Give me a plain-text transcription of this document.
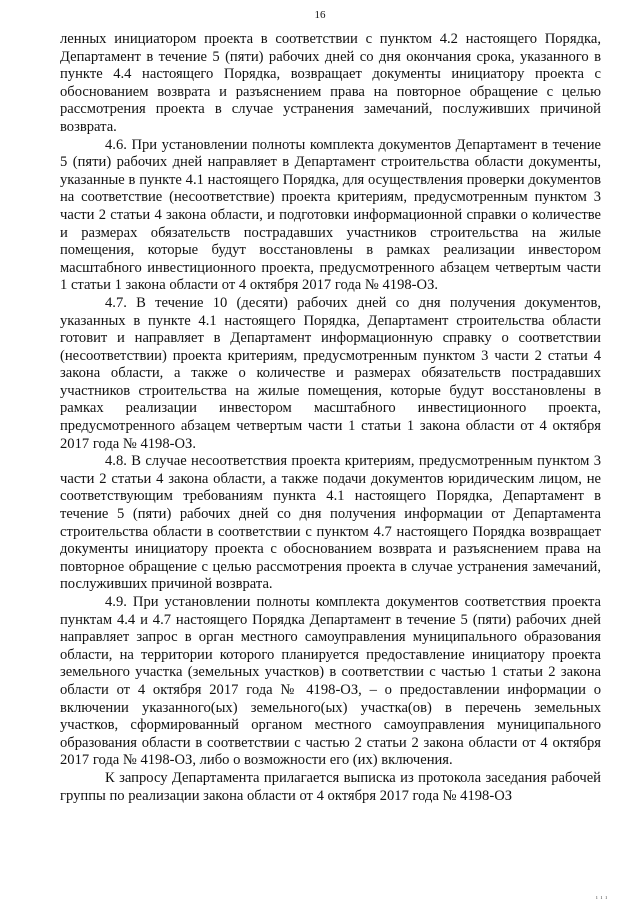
16

ленных инициатором проекта в соответствии с пунктом 4.2 настоящего Порядка, Департамент в течение 5 (пяти) рабочих дней со дня окончания срока, указанного в пункте 4.4 настоящего Порядка, возвращает документы инициатору проекта с обоснованием возврата и разъяснением права на повторное обращение с целью рассмотрения проекта в случае устранения замечаний, послуживших причиной возврата.

4.6. При установлении полноты комплекта документов Департамент в течение 5 (пяти) рабочих дней направляет в Департамент строительства области документы, указанные в пункте 4.1 настоящего Порядка, для осуществления проверки документов на соответствие (несоответствие) проекта критериям, предусмотренным пунктом 3 части 2 статьи 4 закона области, и подготовки информационной справки о количестве и размерах обязательств пострадавших участников строительства на жилые помещения, которые будут восстановлены в рамках реализации инвестором масштабного инвестиционного проекта, предусмотренного абзацем четвертым части 1 статьи 1 закона области от 4 октября 2017 года № 4198-ОЗ.

4.7. В течение 10 (десяти) рабочих дней со дня получения документов, указанных в пункте 4.1 настоящего Порядка, Департамент строительства области готовит и направляет в Департамент информационную справку о соответствии (несоответствии) проекта критериям, предусмотренным пунктом 3 части 2 статьи 4 закона области, а также о количестве и размерах обязательств пострадавших участников строительства на жилые помещения, которые будут восстановлены в рамках реализации инвестором масштабного инвестиционного проекта, предусмотренного абзацем четвертым части 1 статьи 1 закона области от 4 октября 2017 года № 4198-ОЗ.

4.8. В случае несоответствия проекта критериям, предусмотренным пунктом 3 части 2 статьи 4 закона области, а также подачи документов юридическим лицом, не соответствующим требованиям пункта 4.1 настоящего Порядка, Департамент в течение 5 (пяти) рабочих дней со дня получения информации от Департамента строительства области в соответствии с пунктом 4.7 настоящего Порядка возвращает документы инициатору проекта с обоснованием возврата и разъяснением права на повторное обращение с целью рассмотрения проекта в случае устранения замечаний, послуживших причиной возврата.

4.9. При установлении полноты комплекта документов соответствия проекта пунктам 4.4 и 4.7 настоящего Порядка Департамент в течение 5 (пяти) рабочих дней направляет запрос в орган местного самоуправления муниципального образования области, на территории которого планируется предоставление инициатору проекта земельного участка (земельных участков) в соответствии с частью 1 статьи 2 закона области от 4 октября 2017 года № 4198-ОЗ, – о предоставлении информации о включении указанного(ых) земельного(ых) участка(ов) в перечень земельных участков, сформированный органом местного самоуправления муниципального образования области в соответствии с частью 2 статьи 2 закона области от 4 октября 2017 года № 4198-ОЗ, либо о возможности его (их) включения.

К запросу Департамента прилагается выписка из протокола заседания рабочей группы по реализации закона области от 4 октября 2017 года № 4198-ОЗ

ııı
